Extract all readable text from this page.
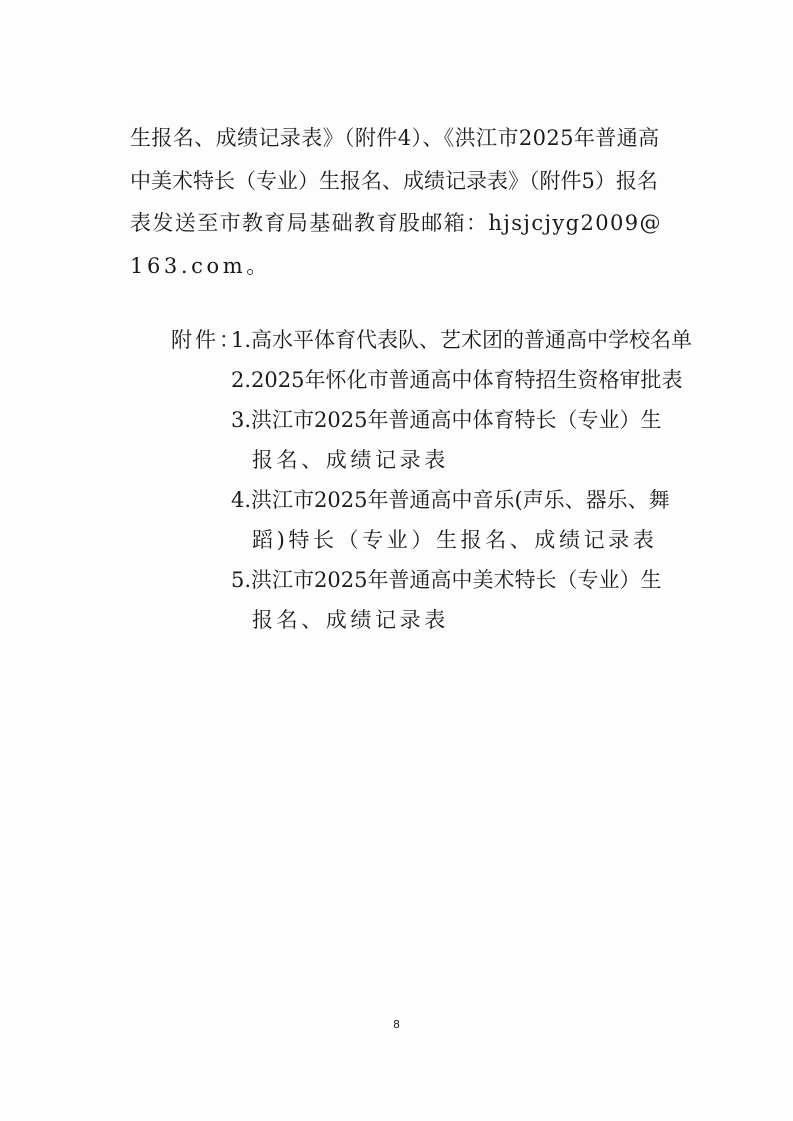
生报名、成绩记录表》（附件4）、《洪江市2025年普通高
中美术特长（专业）生报名、成绩记录表》（附件5）报名
表发送至市教育局基础教育股邮箱：hjsjcjyg2009@
163.com。
附件：
1.高水平体育代表队、艺术团的普通高中学校名单
2.2025年怀化市普通高中体育特招生资格审批表
3.洪江市2025年普通高中体育特长（专业）生
报名、成绩记录表
4.洪江市2025年普通高中音乐(声乐、器乐、舞
蹈)特长（专业）生报名、成绩记录表
5.洪江市2025年普通高中美术特长（专业）生
报名、成绩记录表
8
